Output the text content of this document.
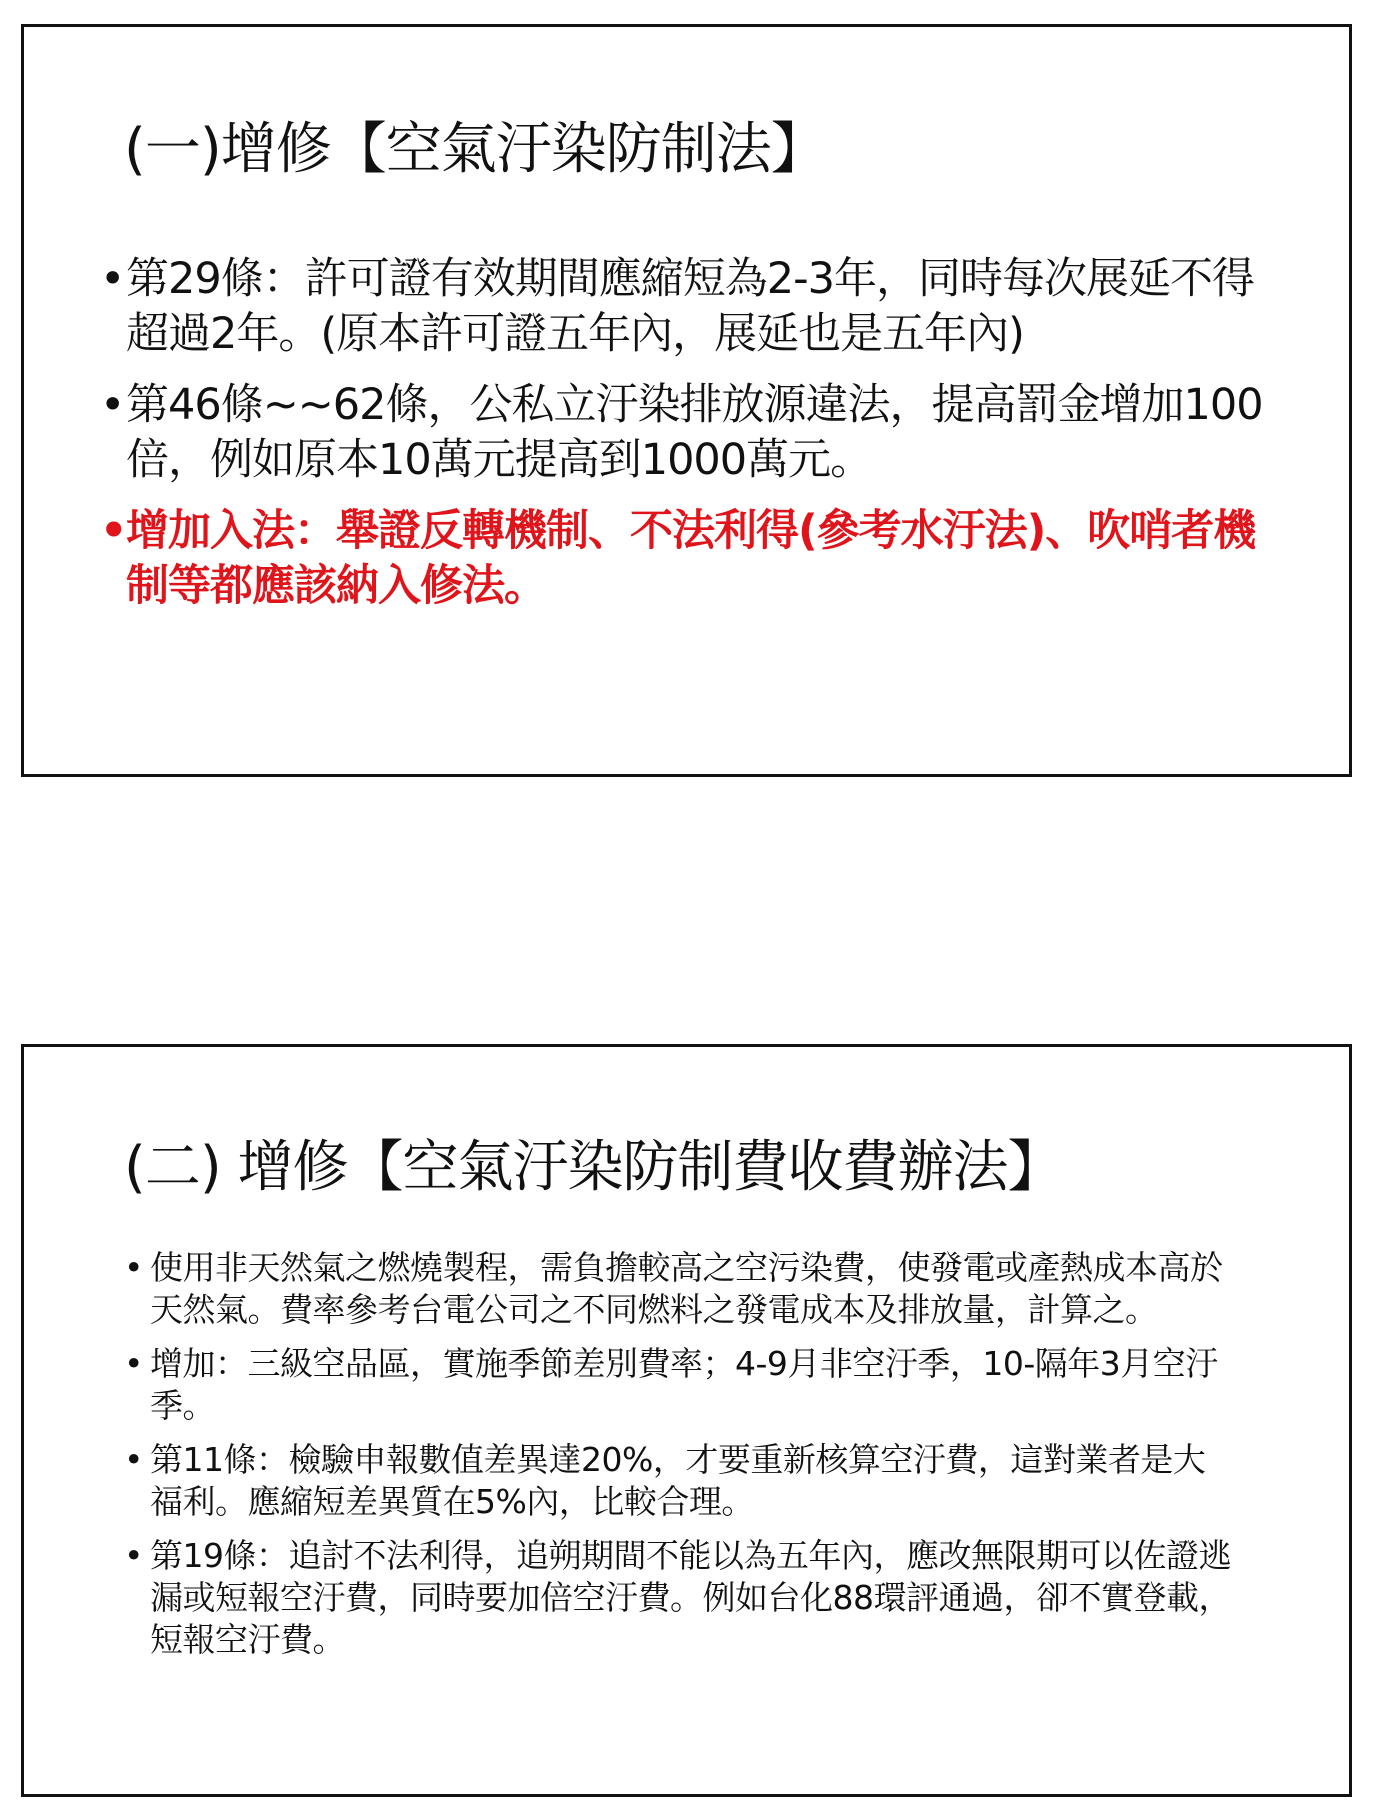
(一)增修【空氣汙染防制法】
• 第29條：許可證有效期間應縮短為2-3年，同時每次展延不得超過2年。(原本許可證五年內，展延也是五年內)
• 第46條~~62條，公私立汙染排放源違法，提高罰金增加100倍，例如原本10萬元提高到1000萬元。
• 增加入法：舉證反轉機制、不法利得(參考水汙法)、吹哨者機制等都應該納入修法。
(二) 增修【空氣汙染防制費收費辦法】
• 使用非天然氣之燃燒製程，需負擔較高之空污染費，使發電或產熱成本高於天然氣。費率參考台電公司之不同燃料之發電成本及排放量，計算之。
• 增加：三級空品區，實施季節差別費率；4-9月非空汙季，10-隔年3月空汙季。
• 第11條：檢驗申報數值差異達20%，才要重新核算空汙費，這對業者是大福利。應縮短差異質在5%內，比較合理。
• 第19條：追討不法利得，追朔期間不能以為五年內，應改無限期可以佐證逃漏或短報空汙費，同時要加倍空汙費。例如台化88環評通過，卻不實登載，短報空汙費。
